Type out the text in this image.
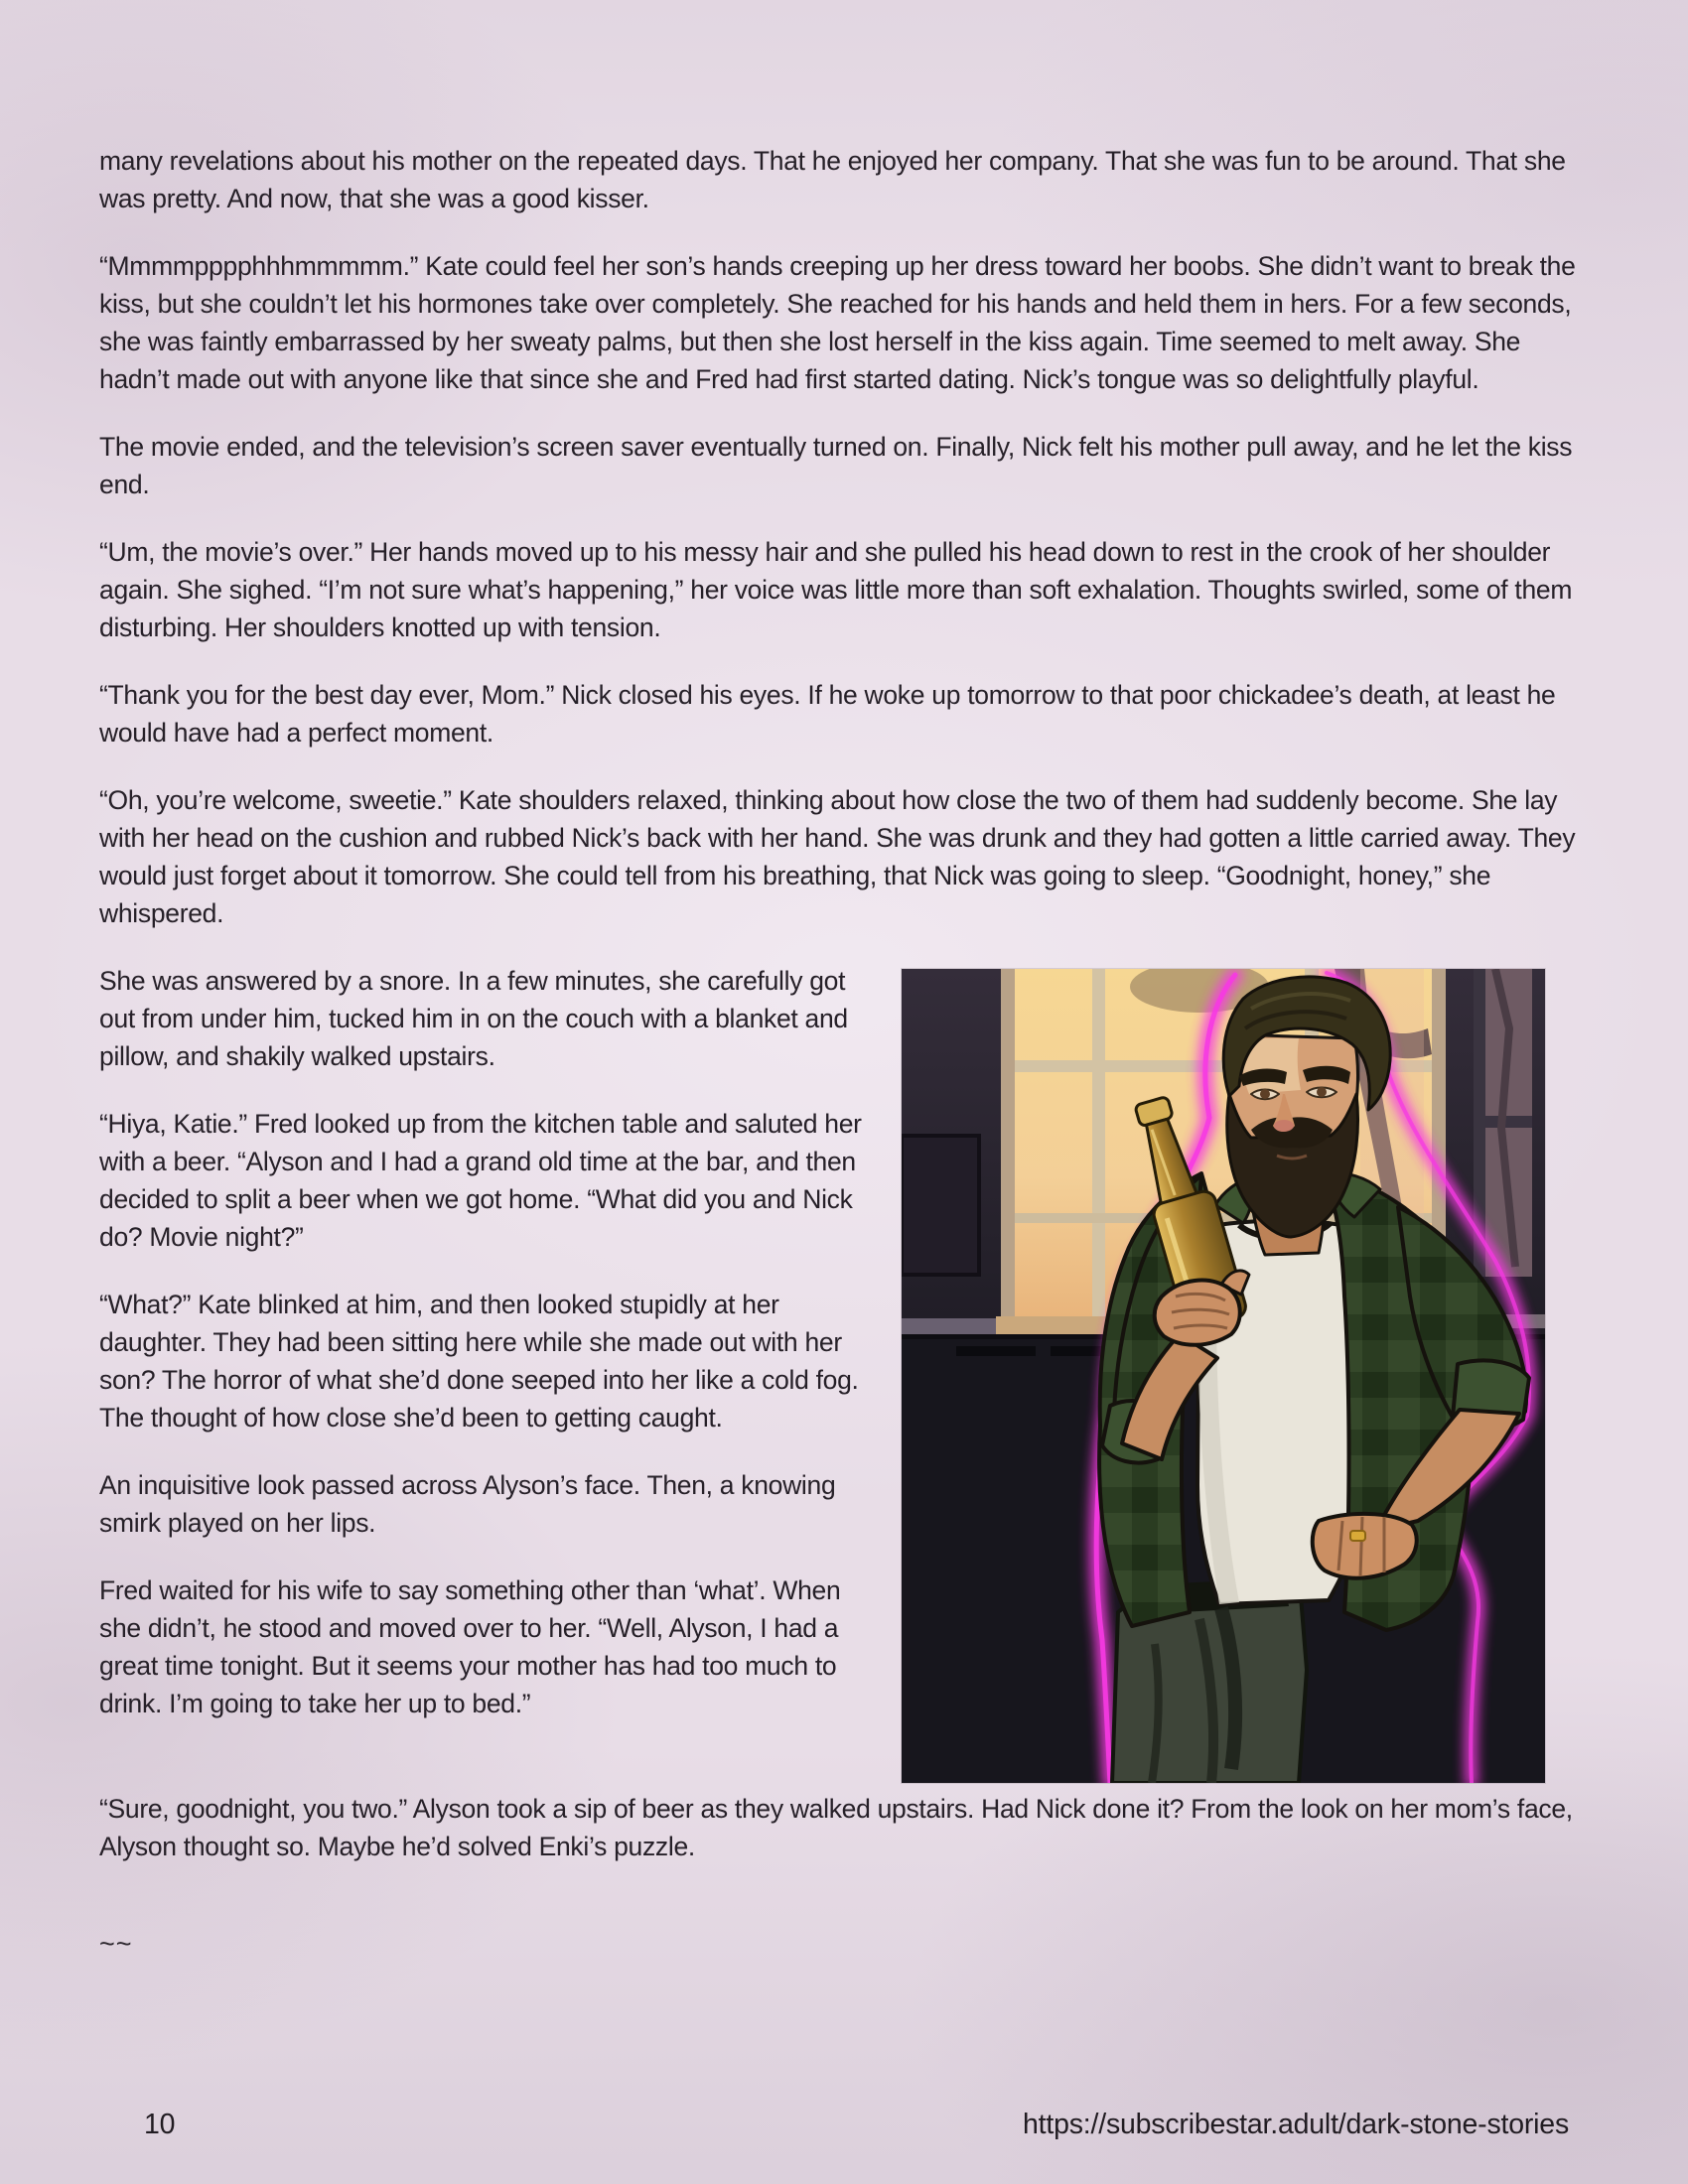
many revelations about his mother on the repeated days. That he enjoyed her company. That she was fun to be around. That she was pretty. And now, that she was a good kisser.

“Mmmmpppphhhmmmmm.” Kate could feel her son’s hands creeping up her dress toward her boobs. She didn’t want to break the kiss, but she couldn’t let his hormones take over completely. She reached for his hands and held them in hers. For a few seconds, she was faintly embarrassed by her sweaty palms, but then she lost herself in the kiss again. Time seemed to melt away. She hadn’t made out with anyone like that since she and Fred had first started dating. Nick’s tongue was so delightfully playful.

The movie ended, and the television’s screen saver eventually turned on. Finally, Nick felt his mother pull away, and he let the kiss end.

“Um, the movie’s over.” Her hands moved up to his messy hair and she pulled his head down to rest in the crook of her shoulder again. She sighed. “I’m not sure what’s happening,” her voice was little more than soft exhalation. Thoughts swirled, some of them disturbing. Her shoulders knotted up with tension.

“Thank you for the best day ever, Mom.” Nick closed his eyes. If he woke up tomorrow to that poor chickadee’s death, at least he would have had a perfect moment.

“Oh, you’re welcome, sweetie.” Kate shoulders relaxed, thinking about how close the two of them had suddenly become. She lay with her head on the cushion and rubbed Nick’s back with her hand. She was drunk and they had gotten a little carried away. They would just forget about it tomorrow. She could tell from his breathing, that Nick was going to sleep. “Goodnight, honey,” she whispered.

She was answered by a snore. In a few minutes, she carefully got out from under him, tucked him in on the couch with a blanket and pillow, and shakily walked upstairs.

“Hiya, Katie.” Fred looked up from the kitchen table and saluted her with a beer. “Alyson and I had a grand old time at the bar, and then decided to split a beer when we got home. “What did you and Nick do? Movie night?”

“What?” Kate blinked at him, and then looked stupidly at her daughter. They had been sitting here while she made out with her son? The horror of what she’d done seeped into her like a cold fog. The thought of how close she’d been to getting caught.

An inquisitive look passed across Alyson’s face. Then, a knowing smirk played on her lips.

Fred waited for his wife to say something other than ‘what’. When she didn’t, he stood and moved over to her. “Well, Alyson, I had a great time tonight. But it seems your mother has had too much to drink. I’m going to take her up to bed.”

“Sure, goodnight, you two.” Alyson took a sip of beer as they walked upstairs. Had Nick done it? From the look on her mom’s face, Alyson thought so. Maybe he’d solved Enki’s puzzle.

~~
10	https://subscribestar.adult/dark-stone-stories
